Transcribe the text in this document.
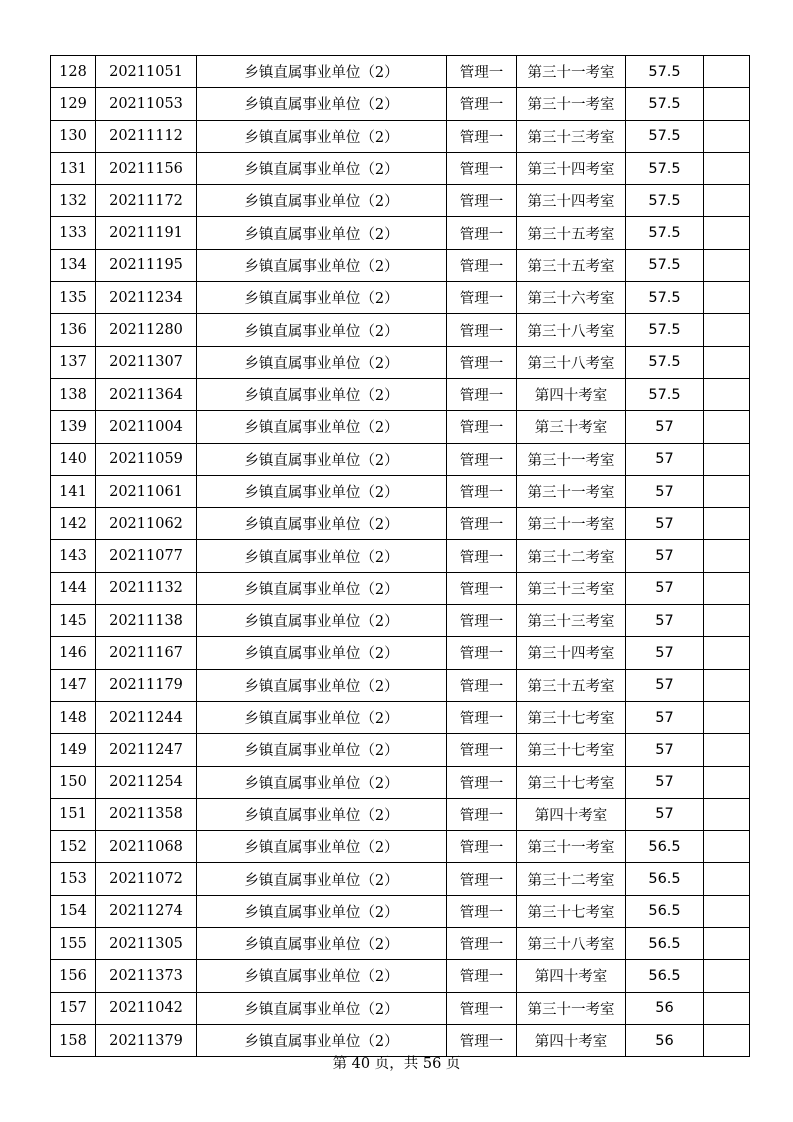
128	20211051	乡镇直属事业单位（2）	管理一	第三十一考室	57.5	
129	20211053	乡镇直属事业单位（2）	管理一	第三十一考室	57.5	
130	20211112	乡镇直属事业单位（2）	管理一	第三十三考室	57.5	
131	20211156	乡镇直属事业单位（2）	管理一	第三十四考室	57.5	
132	20211172	乡镇直属事业单位（2）	管理一	第三十四考室	57.5	
133	20211191	乡镇直属事业单位（2）	管理一	第三十五考室	57.5	
134	20211195	乡镇直属事业单位（2）	管理一	第三十五考室	57.5	
135	20211234	乡镇直属事业单位（2）	管理一	第三十六考室	57.5	
136	20211280	乡镇直属事业单位（2）	管理一	第三十八考室	57.5	
137	20211307	乡镇直属事业单位（2）	管理一	第三十八考室	57.5	
138	20211364	乡镇直属事业单位（2）	管理一	第四十考室	57.5	
139	20211004	乡镇直属事业单位（2）	管理一	第三十考室	57	
140	20211059	乡镇直属事业单位（2）	管理一	第三十一考室	57	
141	20211061	乡镇直属事业单位（2）	管理一	第三十一考室	57	
142	20211062	乡镇直属事业单位（2）	管理一	第三十一考室	57	
143	20211077	乡镇直属事业单位（2）	管理一	第三十二考室	57	
144	20211132	乡镇直属事业单位（2）	管理一	第三十三考室	57	
145	20211138	乡镇直属事业单位（2）	管理一	第三十三考室	57	
146	20211167	乡镇直属事业单位（2）	管理一	第三十四考室	57	
147	20211179	乡镇直属事业单位（2）	管理一	第三十五考室	57	
148	20211244	乡镇直属事业单位（2）	管理一	第三十七考室	57	
149	20211247	乡镇直属事业单位（2）	管理一	第三十七考室	57	
150	20211254	乡镇直属事业单位（2）	管理一	第三十七考室	57	
151	20211358	乡镇直属事业单位（2）	管理一	第四十考室	57	
152	20211068	乡镇直属事业单位（2）	管理一	第三十一考室	56.5	
153	20211072	乡镇直属事业单位（2）	管理一	第三十二考室	56.5	
154	20211274	乡镇直属事业单位（2）	管理一	第三十七考室	56.5	
155	20211305	乡镇直属事业单位（2）	管理一	第三十八考室	56.5	
156	20211373	乡镇直属事业单位（2）	管理一	第四十考室	56.5	
157	20211042	乡镇直属事业单位（2）	管理一	第三十一考室	56	
158	20211379	乡镇直属事业单位（2）	管理一	第四十考室	56	
第 40 页，共 56 页
